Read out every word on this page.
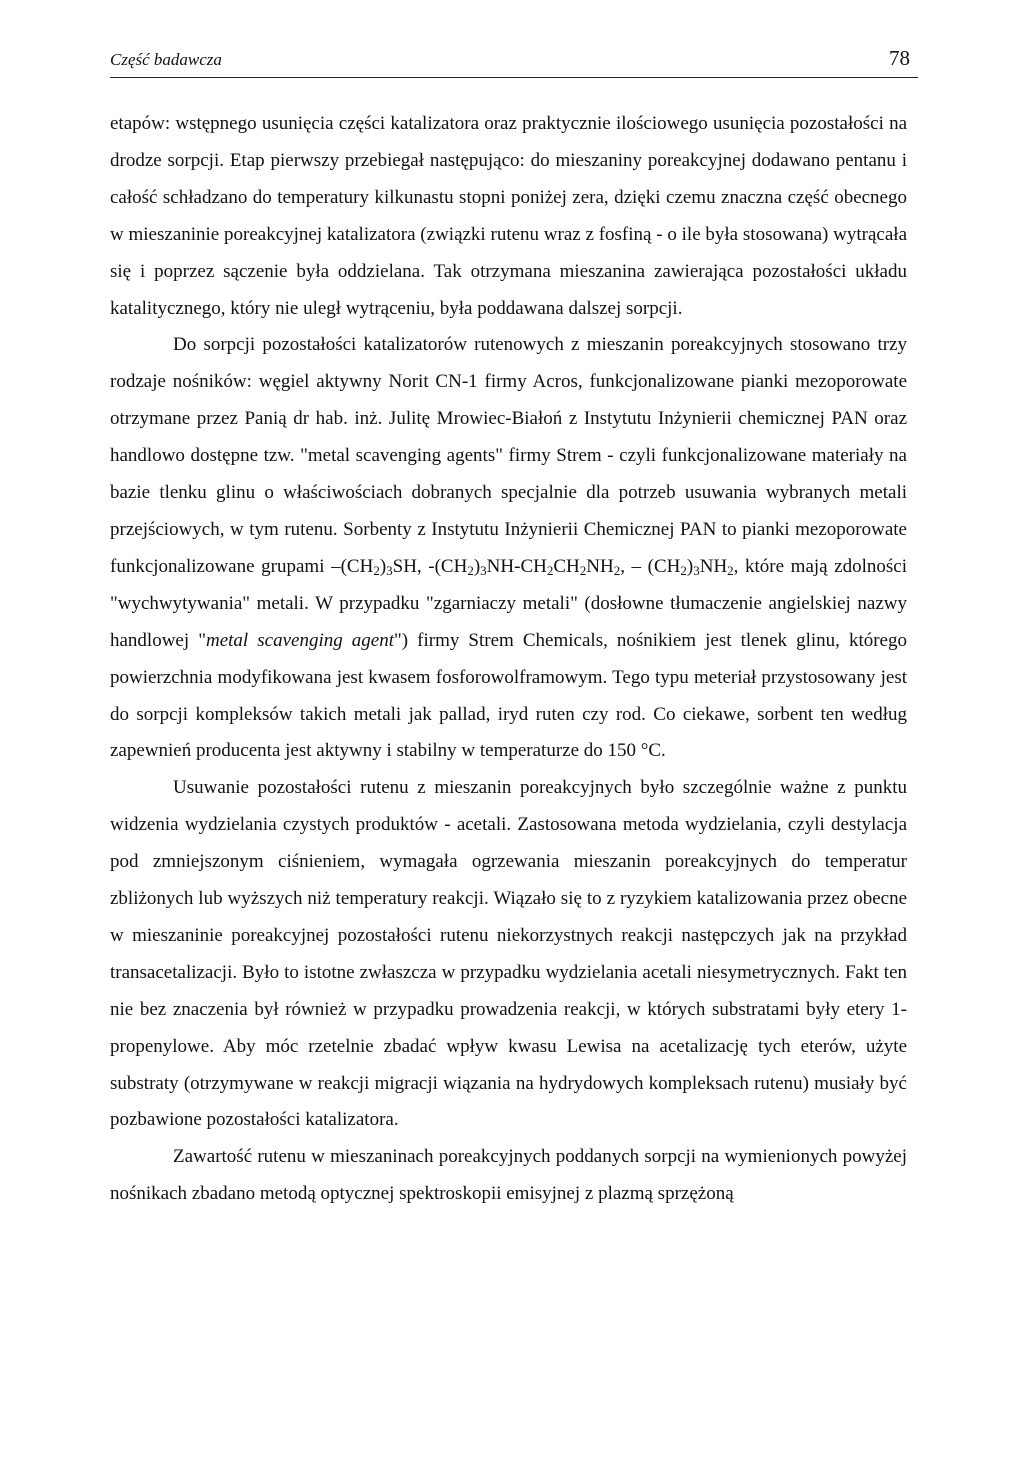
Część badawcza	78

etapów: wstępnego usunięcia części katalizatora oraz praktycznie ilościowego usunięcia pozostałości na drodze sorpcji. Etap pierwszy przebiegał następująco: do mieszaniny poreakcyjnej dodawano pentanu i całość schładzano do temperatury kilkunastu stopni poniżej zera, dzięki czemu znaczna część obecnego w mieszaninie poreakcyjnej katalizatora (związki rutenu wraz z fosfiną - o ile była stosowana) wytrącała się i poprzez sączenie była oddzielana. Tak otrzymana mieszanina zawierająca pozostałości układu katalitycznego, który nie uległ wytrąceniu, była poddawana dalszej sorpcji.

Do sorpcji pozostałości katalizatorów rutenowych z mieszanin poreakcyjnych stosowano trzy rodzaje nośników: węgiel aktywny Norit CN-1 firmy Acros, funkcjonalizowane pianki mezoporowate otrzymane przez Panią dr hab. inż. Julitę Mrowiec-Białoń z Instytutu Inżynierii chemicznej PAN oraz handlowo dostępne tzw. "metal scavenging agents" firmy Strem - czyli funkcjonalizowane materiały na bazie tlenku glinu o właściwościach dobranych specjalnie dla potrzeb usuwania wybranych metali przejściowych, w tym rutenu. Sorbenty z Instytutu Inżynierii Chemicznej PAN to pianki mezoporowate funkcjonalizowane grupami $-(CH_2)_3SH$, $-(CH_2)_3NH-CH_2CH_2NH_2$, – $(CH_2)_3NH_2$, które mają zdolności "wychwytywania" metali. W przypadku "zgarniaczy metali" (dosłowne tłumaczenie angielskiej nazwy handlowej "metal scavenging agent") firmy Strem Chemicals, nośnikiem jest tlenek glinu, którego powierzchnia modyfikowana jest kwasem fosforowolframowym. Tego typu meteriał przystosowany jest do sorpcji kompleksów takich metali jak pallad, iryd ruten czy rod. Co ciekawe, sorbent ten według zapewnień producenta jest aktywny i stabilny w temperaturze do 150 °C.

Usuwanie pozostałości rutenu z mieszanin poreakcyjnych było szczególnie ważne z punktu widzenia wydzielania czystych produktów - acetali. Zastosowana metoda wydzielania, czyli destylacja pod zmniejszonym ciśnieniem, wymagała ogrzewania mieszanin poreakcyjnych do temperatur zbliżonych lub wyższych niż temperatury reakcji. Wiązało się to z ryzykiem katalizowania przez obecne w mieszaninie poreakcyjnej pozostałości rutenu niekorzystnych reakcji następczych jak na przykład transacetalizacji. Było to istotne zwłaszcza w przypadku wydzielania acetali niesymetrycznych. Fakt ten nie bez znaczenia był również w przypadku prowadzenia reakcji, w których substratami były etery 1-propenylowe. Aby móc rzetelnie zbadać wpływ kwasu Lewisa na acetalizację tych eterów, użyte substraty (otrzymywane w reakcji migracji wiązania na hydrydowych kompleksach rutenu) musiały być pozbawione pozostałości katalizatora.

Zawartość rutenu w mieszaninach poreakcyjnych poddanych sorpcji na wymienionych powyżej nośnikach zbadano metodą optycznej spektroskopii emisyjnej z plazmą sprzężoną
